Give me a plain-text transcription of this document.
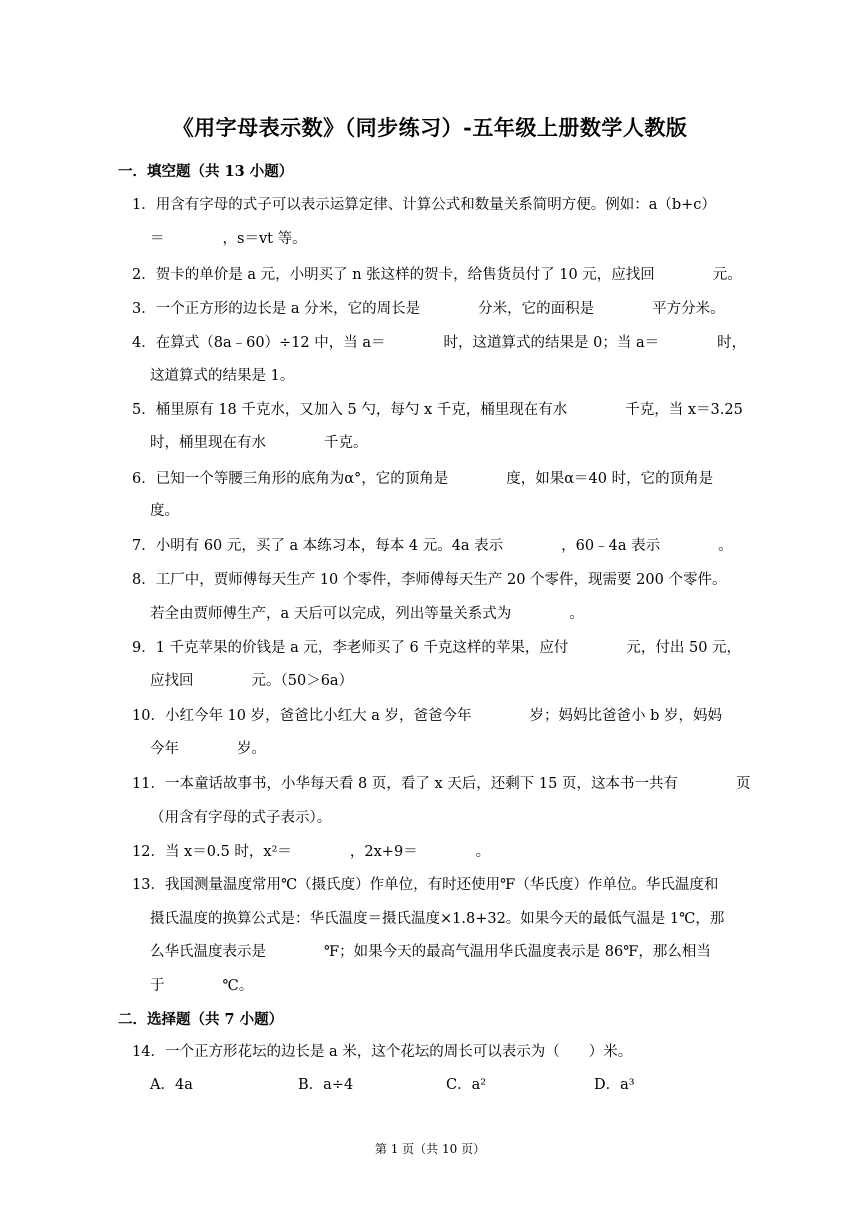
《用字母表示数》（同步练习）-五年级上册数学人教版
一．填空题（共 13 小题）
1．用含有字母的式子可以表示运算定律、计算公式和数量关系简明方便。例如：a（b+c）
＝　　　　，s＝vt 等。
2．贺卡的单价是 a 元，小明买了 n 张这样的贺卡，给售货员付了 10 元，应找回　　　　元。
3．一个正方形的边长是 a 分米，它的周长是　　　　分米，它的面积是　　　　平方分米。
4．在算式（8a﹣60）÷12 中，当 a＝　　　　时，这道算式的结果是 0；当 a＝　　　　时，
这道算式的结果是 1。
5．桶里原有 18 千克水，又加入 5 勺，每勺 x 千克，桶里现在有水　　　　千克，当 x＝3.25
时，桶里现在有水　　　　千克。
6．已知一个等腰三角形的底角为α°，它的顶角是　　　　度，如果α＝40 时，它的顶角是
度。
7．小明有 60 元，买了 a 本练习本，每本 4 元。4a 表示　　　　，60﹣4a 表示　　　　。
8．工厂中，贾师傅每天生产 10 个零件，李师傅每天生产 20 个零件，现需要 200 个零件。
若全由贾师傅生产，a 天后可以完成，列出等量关系式为　　　　。
9．1 千克苹果的价钱是 a 元，李老师买了 6 千克这样的苹果，应付　　　　元，付出 50 元，
应找回　　　　元。（50＞6a）
10．小红今年 10 岁，爸爸比小红大 a 岁，爸爸今年　　　　岁；妈妈比爸爸小 b 岁，妈妈
今年　　　　岁。
11．一本童话故事书，小华每天看 8 页，看了 x 天后，还剩下 15 页，这本书一共有　　　　页
（用含有字母的式子表示）。
12．当 x＝0.5 时，x²＝　　　　，2x+9＝　　　　。
13．我国测量温度常用℃（摄氏度）作单位，有时还使用℉（华氏度）作单位。华氏温度和
摄氏温度的换算公式是：华氏温度＝摄氏温度×1.8+32。如果今天的最低气温是 1℃，那
么华氏温度表示是　　　　℉；如果今天的最高气温用华氏温度表示是 86℉，那么相当
于　　　　℃。
二．选择题（共 7 小题）
14．一个正方形花坛的边长是 a 米，这个花坛的周长可以表示为（　　）米。
A．4a	B．a÷4	C．a²	D．a³
第 1 页（共 10 页）
